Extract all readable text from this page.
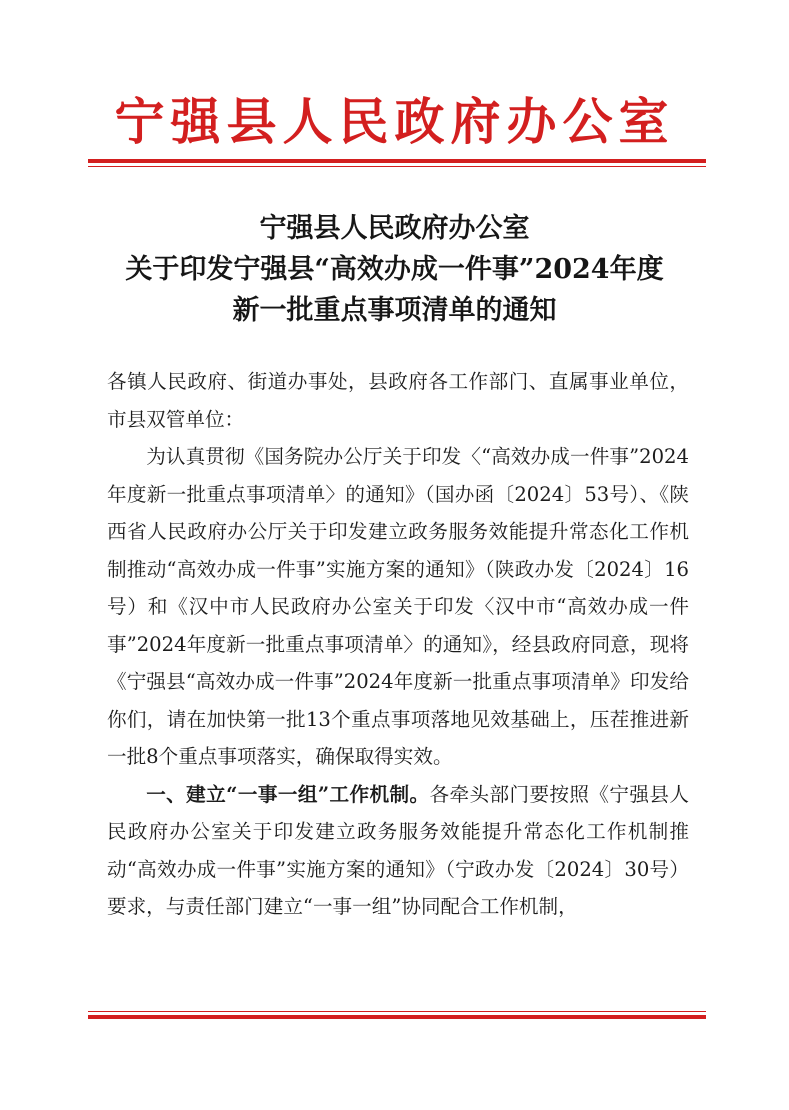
宁强县人民政府办公室
宁强县人民政府办公室
关于印发宁强县“高效办成一件事”2024年度
新一批重点事项清单的通知

各镇人民政府、街道办事处，县政府各工作部门、直属事业单位，市县双管单位：

为认真贯彻《国务院办公厅关于印发〈“高效办成一件事”2024年度新一批重点事项清单〉的通知》（国办函〔2024〕53号）、《陕西省人民政府办公厅关于印发建立政务服务效能提升常态化工作机制推动“高效办成一件事”实施方案的通知》（陕政办发〔2024〕16号）和《汉中市人民政府办公室关于印发〈汉中市“高效办成一件事”2024年度新一批重点事项清单〉的通知》，经县政府同意，现将《宁强县“高效办成一件事”2024年度新一批重点事项清单》印发给你们，请在加快第一批13个重点事项落地见效基础上，压茬推进新一批8个重点事项落实，确保取得实效。

一、建立“一事一组”工作机制。各牵头部门要按照《宁强县人民政府办公室关于印发建立政务服务效能提升常态化工作机制推动“高效办成一件事”实施方案的通知》（宁政办发〔2024〕30号）要求，与责任部门建立“一事一组”协同配合工作机制，
